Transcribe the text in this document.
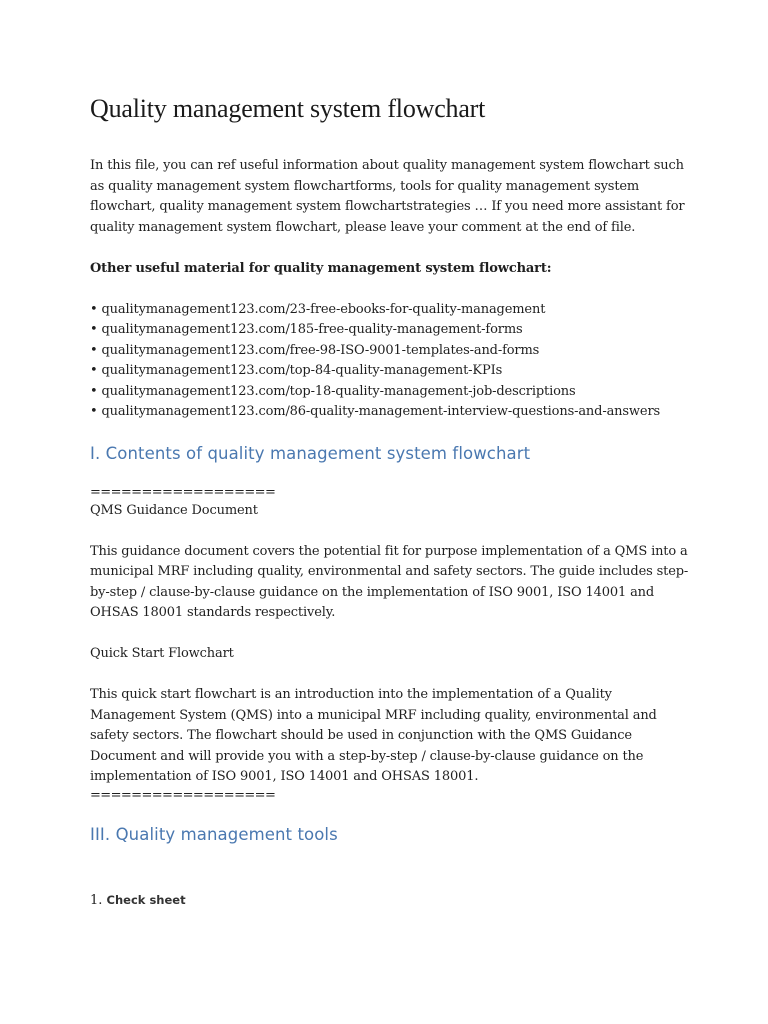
Quality management system flowchart

In this file, you can ref useful information about quality management system flowchart such as quality management system flowchartforms, tools for quality management system flowchart, quality management system flowchartstrategies … If you need more assistant for quality management system flowchart, please leave your comment at the end of file.

Other useful material for quality management system flowchart:

• qualitymanagement123.com/23-free-ebooks-for-quality-management
• qualitymanagement123.com/185-free-quality-management-forms
• qualitymanagement123.com/free-98-ISO-9001-templates-and-forms
• qualitymanagement123.com/top-84-quality-management-KPIs
• qualitymanagement123.com/top-18-quality-management-job-descriptions
• qualitymanagement123.com/86-quality-management-interview-questions-and-answers
I. Contents of quality management system flowchart

==================

QMS Guidance Document

This guidance document covers the potential fit for purpose implementation of a QMS into a municipal MRF including quality, environmental and safety sectors. The guide includes step-by-step / clause-by-clause guidance on the implementation of ISO 9001, ISO 14001 and OHSAS 18001 standards respectively.

Quick Start Flowchart

This quick start flowchart is an introduction into the implementation of a Quality Management System (QMS) into a municipal MRF including quality, environmental and safety sectors. The flowchart should be used in conjunction with the QMS Guidance Document and will provide you with a step-by-step / clause-by-clause guidance on the implementation of ISO 9001, ISO 14001 and OHSAS 18001.

==================

III. Quality management tools

1. Check sheet
